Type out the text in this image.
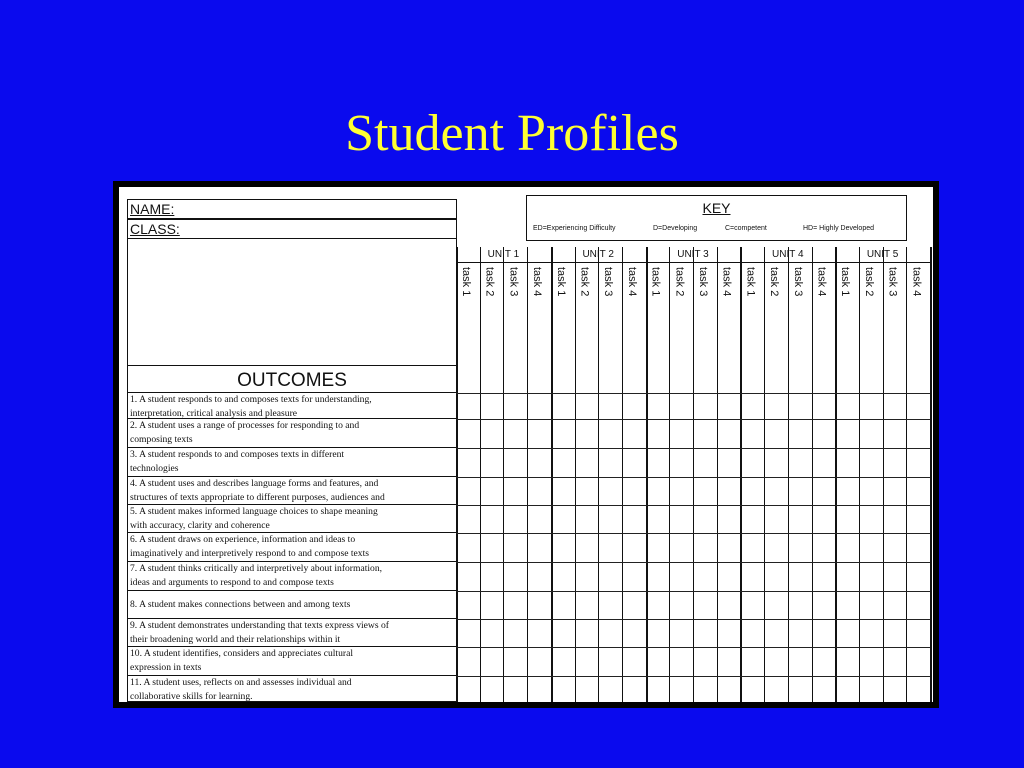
Student Profiles
NAME:
CLASS:
KEY
ED=Experiencing Difficulty	D=Developing	C=competent	HD= Highly Developed
OUTCOMES
1. A student responds to and composes texts for understanding,
interpretation, critical analysis and pleasure
2. A student uses a range of processes for responding to and
composing texts
3. A student responds to and composes texts in different
technologies
4. A student uses and describes language forms and features, and
structures of texts appropriate to different purposes, audiences and
5. A student makes informed language choices to shape meaning
with accuracy, clarity and coherence
6. A student draws on experience, information and ideas to
imaginatively and interpretively respond to and compose texts
7. A student thinks critically and interpretively about information,
ideas and arguments to respond to and compose texts
8. A student makes connections between and among texts
9. A student demonstrates understanding that texts express views of
their broadening world and their relationships within it
10. A student identifies, considers and appreciates cultural
expression in texts
11. A student uses, reflects on and assesses individual and
collaborative skills for learning.
UNIT 1
task 1 task 2 task 3 task 4
UNIT 2
task 1 task 2 task 3 task 4
UNIT 3
task 1 task 2 task 3 task 4
UNIT 4
task 1 task 2 task 3 task 4
UNIT 5
task 1 task 2 task 3 task 4
